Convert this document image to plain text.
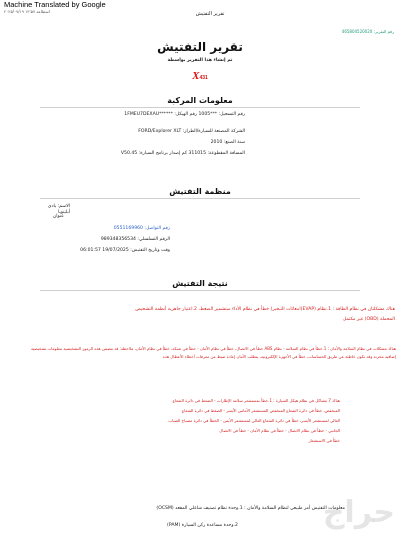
Machine Translated by Google
۲۰۲۵/۰۷/۱۹ ۱۳:۵۷ اسطاعة	تقرير التفتيش
رقم التقرير: 46580452002X
تقرير التفتيش
تم إنشاء هذا التقرير بواسطة
X431
معلومات المركبة
رقم التسجيل: ***1005 رقم الهيكل: ******1FMEU7DEXAU
الشركة المصنعة للسيارة/الطراز: FORD/Explorer XLT
سنة الصنع: 2010
المسافة المقطوعة: 311015 كم إصدار برنامج السيارة: V50.45
منظمة التفتيش
الاسم: يادي أبليتوبا
عنوان
رقم التواصل: 0551169960
الرقم التسلسلي: 989348356534
وقت وتاريخ التفتيش: 19/07/2025 06:01:57
نتيجة التفتيش
هناك مشكلتان في نظام الطاقة : 1.نظام (EVAP)انبعاثات التبخير) خطأ في نظام الأداء ستشمير الضغط، 2.اعتبار جاهزية أنظمة التشخيص
المحملة (OBD) غير مكتمل
هناك مشكلات في نظام السلامة والأمان : 1.خطأ في نظام السلامة - نظام ABS خطأ في الاتصال، خطأ في نظام الأمان - خطأ في شبكة، خطأ في نظام الأمان، ملاحظة: قد تتضمن هذه الرموز التشخيصية معلومات تشخيصية
إضافية مخزنة وقد تكون خاطئة عن طريق الحساسات، خطأ في الأجهزة الإلكترونية، يتطلب الأمان إعادة ضبط من معرفات أخطاء الأعطال هذه
هناك 7 مشاكل في نظام هيكل السيارة : 1.خطأ بمستشعر سلامة الإطارات - الضغط في دائرة الشعاع
المنخفض، خطأ في دائرة الشعاع المنخفض المستشعر الأمامي الأيسر - الضغط في دائرة الشعاع
العالي لمستشعر الأيسر، خطأ في دائرة الشعاع العالي لمستشعر الأيمن - الخطأ في دائرة مصباح الضباب
الجانبي - خطأ في نظام الاتصال - خطأ في نظام الأمان - خطأ في الاتصال
خطأ في الاستشعار
معلومات التفتيش أمر طبيعي لنظام السلامة والأمان : 1.وحدة نظام تصنيف شاغلي المقعد (OCSM)
2.وحدة مساعدة ركن السيارة (PAM)	حراج
